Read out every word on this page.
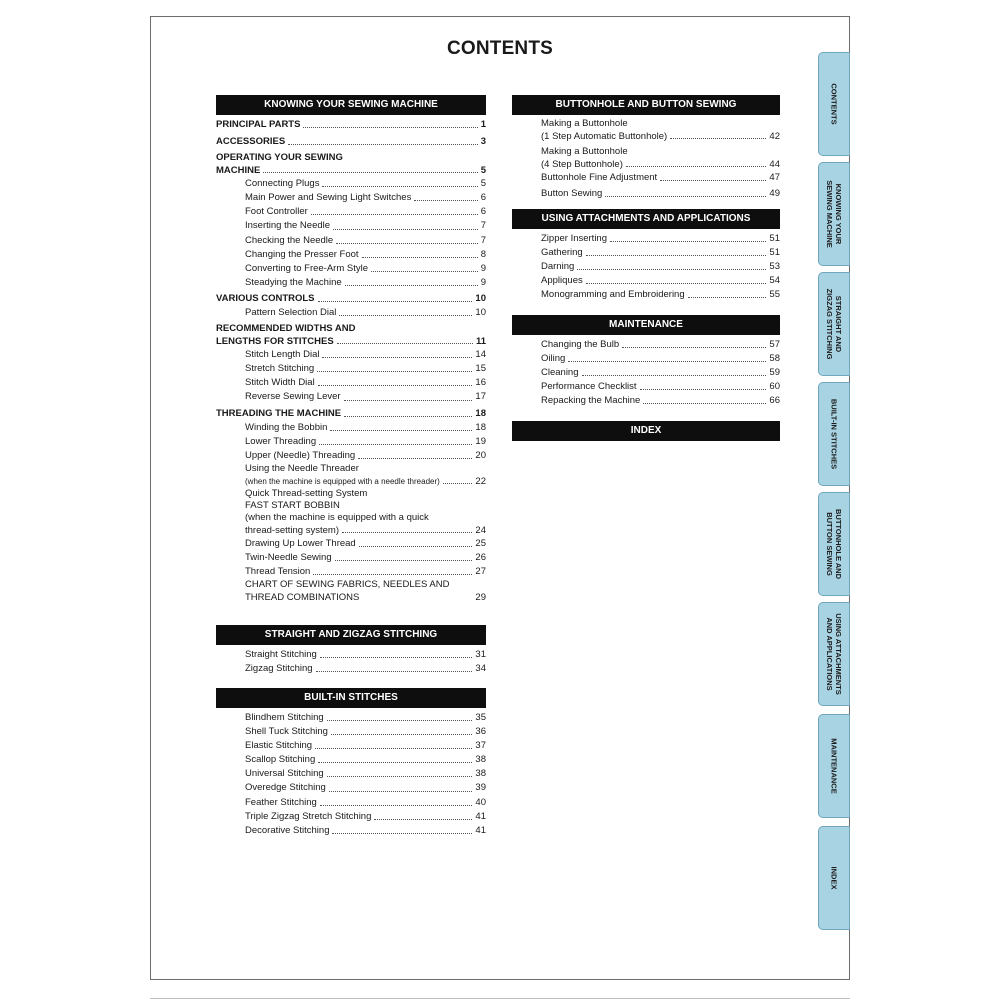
CONTENTS
KNOWING YOUR SEWING MACHINE
PRINCIPAL PARTS	1
ACCESSORIES	3
OPERATING YOUR SEWING
MACHINE	5
Connecting Plugs	5
Main Power and Sewing Light Switches	6
Foot Controller	6
Inserting the Needle	7
Checking the Needle	7
Changing the Presser Foot	8
Converting to Free-Arm Style	9
Steadying the Machine	9
VARIOUS CONTROLS	10
Pattern Selection Dial	10
RECOMMENDED WIDTHS AND
LENGTHS FOR STITCHES	11
Stitch Length Dial	14
Stretch Stitching	15
Stitch Width Dial	16
Reverse Sewing Lever	17
THREADING THE MACHINE	18
Winding the Bobbin	18
Lower Threading	19
Upper (Needle) Threading	20
Using the Needle Threader
(when the machine is equipped with a needle threader)	22
Quick Thread-setting System
FAST START BOBBIN
(when the machine is equipped with a quick
thread-setting system)	24
Drawing Up Lower Thread	25
Twin-Needle Sewing	26
Thread Tension	27
CHART OF SEWING FABRICS, NEEDLES AND
THREAD COMBINATIONS	29
STRAIGHT AND ZIGZAG STITCHING
Straight Stitching	31
Zigzag Stitching	34
BUILT-IN STITCHES
Blindhem Stitching	35
Shell Tuck Stitching	36
Elastic Stitching	37
Scallop Stitching	38
Universal Stitching	38
Overedge Stitching	39
Feather Stitching	40
Triple Zigzag Stretch Stitching	41
Decorative Stitching	41
BUTTONHOLE AND BUTTON SEWING
Making a Buttonhole
(1 Step Automatic Buttonhole)	42
Making a Buttonhole
(4 Step Buttonhole)	44
Buttonhole Fine Adjustment	47
Button Sewing	49
USING ATTACHMENTS AND APPLICATIONS
Zipper Inserting	51
Gathering	51
Darning	53
Appliques	54
Monogramming and Embroidering	55
MAINTENANCE
Changing the Bulb	57
Oiling	58
Cleaning	59
Performance Checklist	60
Repacking the Machine	66
INDEX
CONTENTS
KNOWING YOUR
SEWING MACHINE
STRAIGHT AND
ZIGZAG STITCHING
BUILT-IN STITCHES
BUTTONHOLE AND
BUTTON SEWING
USING ATTACHMENTS
AND APPLICATIONS
MAINTENANCE
INDEX
